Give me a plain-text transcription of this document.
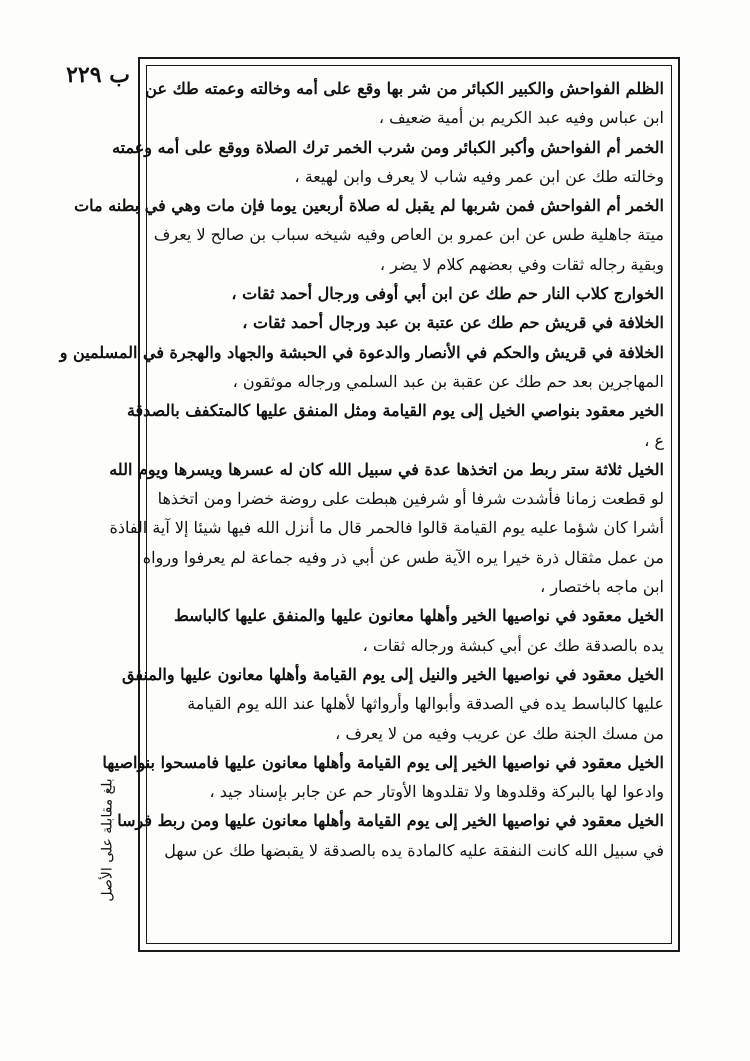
ب ٢٢٩
بلغ مقابلة على الأصل
الظلم الفواحش والكبير الكبائر من شر بها وقع على أمه وخالته وعمته طك عن
ابن عباس وفيه عبد الكريم بن أمية ضعيف ،
الخمر أم الفواحش وأكبر الكبائر ومن شرب الخمر ترك الصلاة ووقع على أمه وعمته
وخالته طك عن ابن عمر وفيه شاب لا يعرف وابن لهيعة ،
الخمر أم الفواحش فمن شربها لم يقبل له صلاة أربعين يوما فإن مات وهي في بطنه مات
ميتة جاهلية طس عن ابن عمرو بن العاص وفيه شيخه سباب بن صالح لا يعرف
وبقية رجاله ثقات وفي بعضهم كلام لا يضر ،
الخوارج كلاب النار حم طك عن ابن أبي أوفى ورجال أحمد ثقات ،
الخلافة في قريش حم طك عن عتبة بن عبد ورجال أحمد ثقات ،
الخلافة في قريش والحكم في الأنصار والدعوة في الحبشة والجهاد والهجرة في المسلمين و
المهاجرين بعد حم طك عن عقبة بن عبد السلمي ورجاله موثقون ،
الخير معقود بنواصي الخيل إلى يوم القيامة ومثل المنفق عليها كالمتكفف بالصدقة
ع ،
الخيل ثلاثة ستر ربط من اتخذها عدة في سبيل الله كان له عسرها ويسرها ويوم الله
لو قطعت زمانا فأشدت شرفا أو شرفين هبطت على روضة خضرا ومن اتخذها
أشرا كان شؤما عليه يوم القيامة قالوا فالحمر قال ما أنزل الله فيها شيئا إلا آية الفاذة
من عمل مثقال ذرة خيرا يره الآية طس عن أبي ذر وفيه جماعة لم يعرفوا ورواه
ابن ماجه باختصار ،
الخيل معقود في نواصيها الخير وأهلها معانون عليها والمنفق عليها كالباسط
يده بالصدقة طك عن أبي كبشة ورجاله ثقات ،
الخيل معقود في نواصيها الخير والنيل إلى يوم القيامة وأهلها معانون عليها والمنفق
عليها كالباسط يده في الصدقة وأبوالها وأرواثها لأهلها عند الله يوم القيامة
من مسك الجنة طك عن عريب وفيه من لا يعرف ،
الخيل معقود في نواصيها الخير إلى يوم القيامة وأهلها معانون عليها فامسحوا بنواصيها
وادعوا لها بالبركة وقلدوها ولا تقلدوها الأوتار حم عن جابر بإسناد جيد ،
الخيل معقود في نواصيها الخير إلى يوم القيامة وأهلها معانون عليها ومن ربط فرسا
في سبيل الله كانت النفقة عليه كالمادة يده بالصدقة لا يقبضها طك عن سهل
